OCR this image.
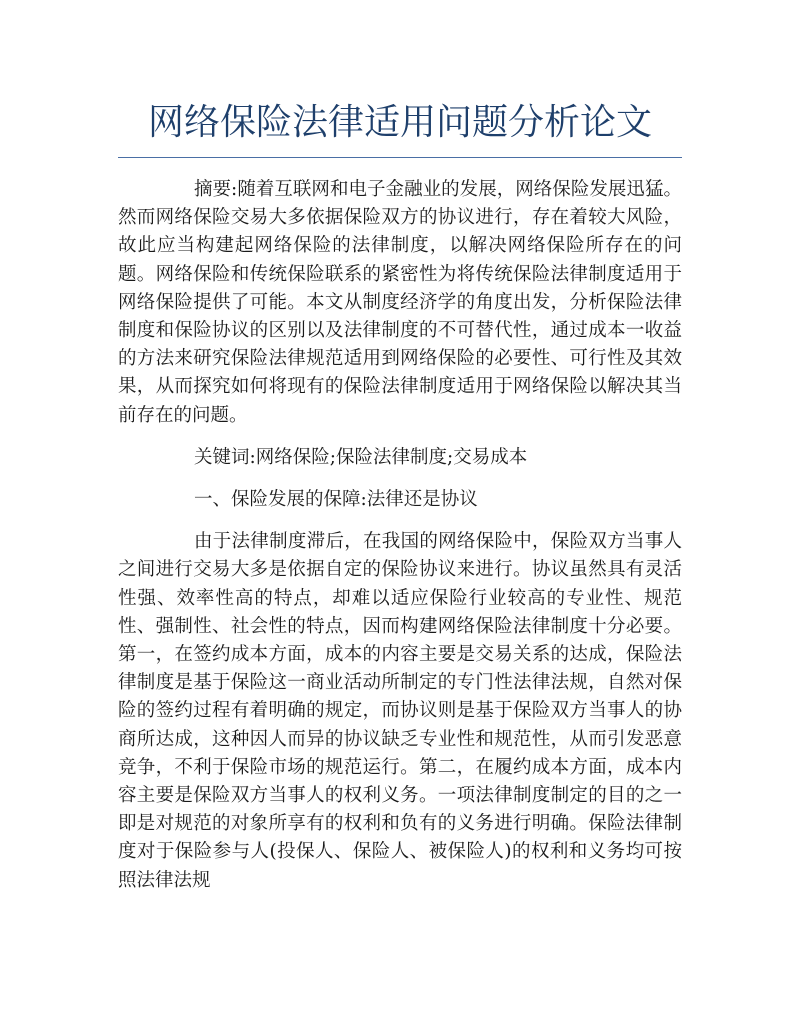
网络保险法律适用问题分析论文

摘要:随着互联网和电子金融业的发展，网络保险发展迅猛。然而网络保险交易大多依据保险双方的协议进行，存在着较大风险，故此应当构建起网络保险的法律制度，以解决网络保险所存在的问题。网络保险和传统保险联系的紧密性为将传统保险法律制度适用于网络保险提供了可能。本文从制度经济学的角度出发，分析保险法律制度和保险协议的区别以及法律制度的不可替代性，通过成本一收益的方法来研究保险法律规范适用到网络保险的必要性、可行性及其效果，从而探究如何将现有的保险法律制度适用于网络保险以解决其当前存在的问题。

关键词:网络保险;保险法律制度;交易成本

一、保险发展的保障:法律还是协议

由于法律制度滞后，在我国的网络保险中，保险双方当事人之间进行交易大多是依据自定的保险协议来进行。协议虽然具有灵活性强、效率性高的特点，却难以适应保险行业较高的专业性、规范性、强制性、社会性的特点，因而构建网络保险法律制度十分必要。第一，在签约成本方面，成本的内容主要是交易关系的达成，保险法律制度是基于保险这一商业活动所制定的专门性法律法规，自然对保险的签约过程有着明确的规定，而协议则是基于保险双方当事人的协商所达成，这种因人而异的协议缺乏专业性和规范性，从而引发恶意竞争，不利于保险市场的规范运行。第二，在履约成本方面，成本内容主要是保险双方当事人的权利义务。一项法律制度制定的目的之一即是对规范的对象所享有的权利和负有的义务进行明确。保险法律制度对于保险参与人(投保人、保险人、被保险人)的权利和义务均可按照法律法规
